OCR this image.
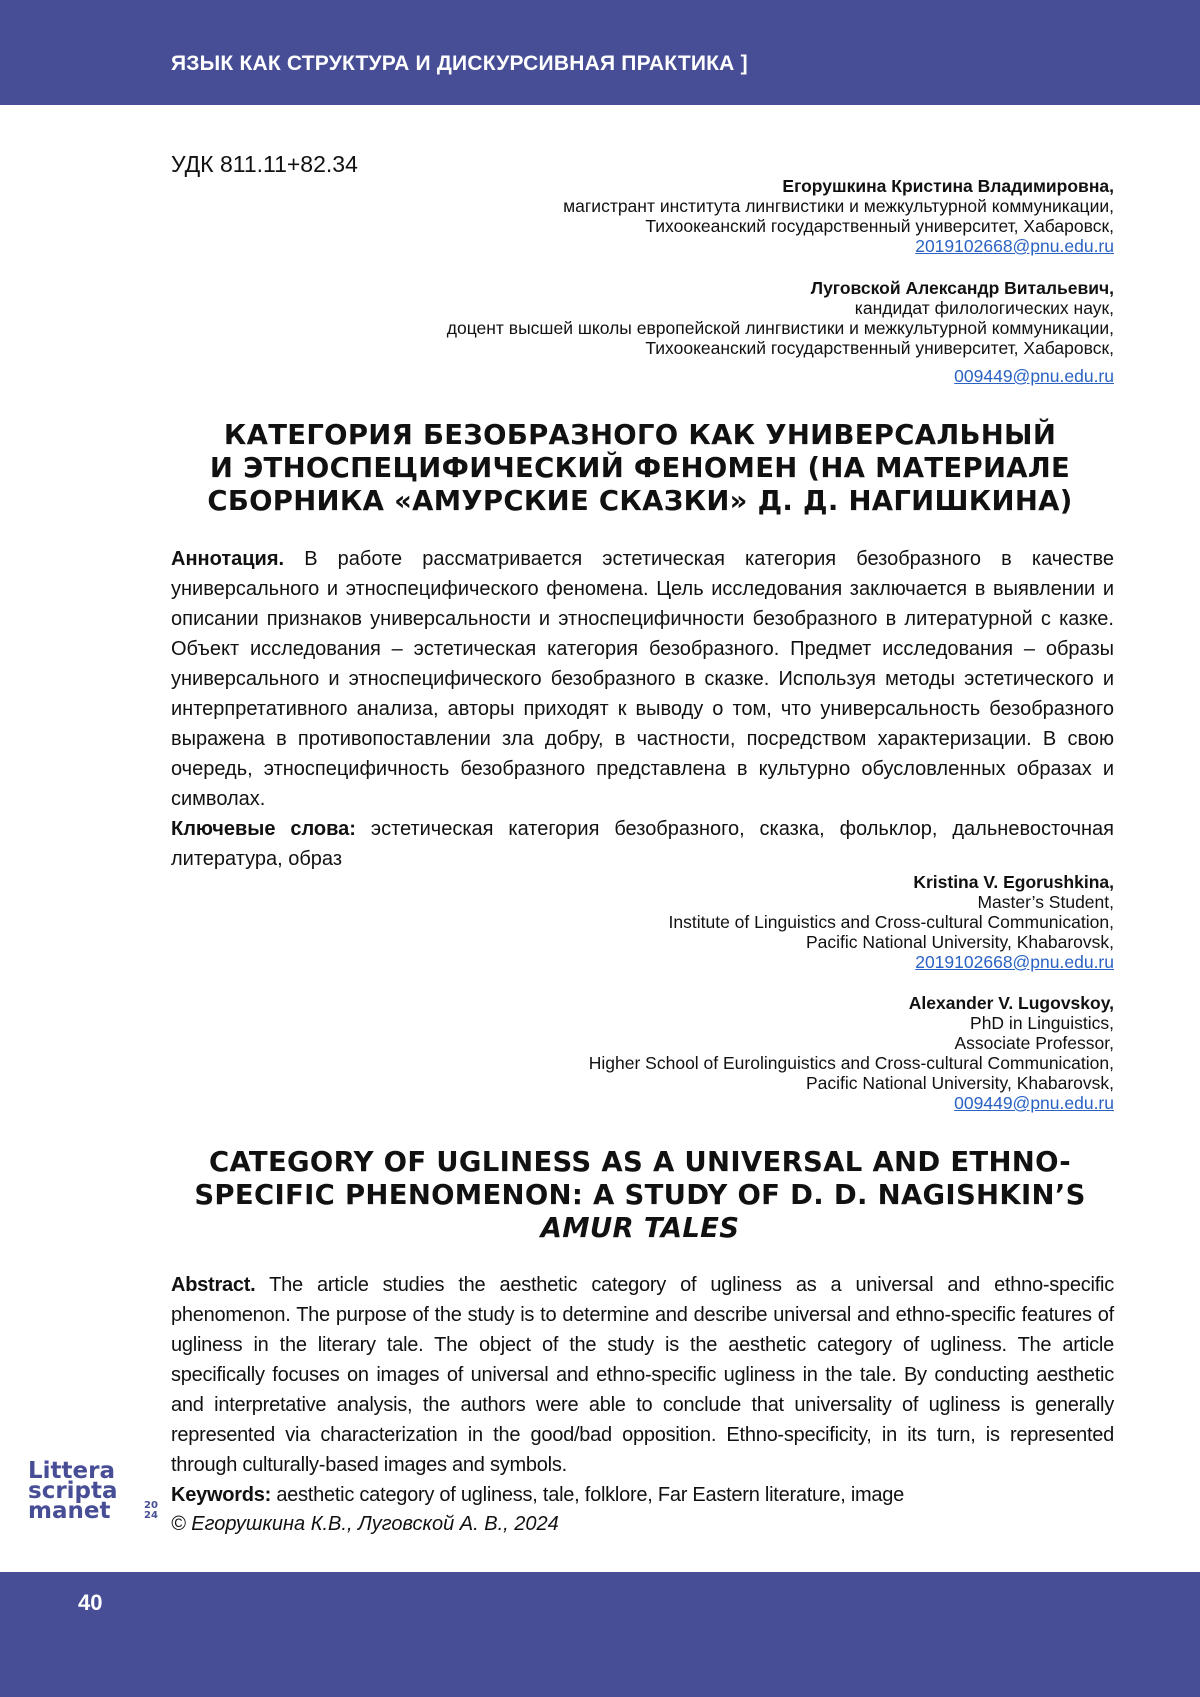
ЯЗЫК КАК СТРУКТУРА И ДИСКУРСИВНАЯ ПРАКТИКА ]
УДК 811.11+82.34
Егорушкина Кристина Владимировна,
магистрант института лингвистики и межкультурной коммуникации,
Тихоокеанский государственный университет, Хабаровск,
2019102668@pnu.edu.ru
Луговской Александр Витальевич,
кандидат филологических наук,
доцент высшей школы европейской лингвистики и межкультурной коммуникации,
Тихоокеанский государственный университет, Хабаровск,
009449@pnu.edu.ru
КАТЕГОРИЯ БЕЗОБРАЗНОГО КАК УНИВЕРСАЛЬНЫЙ
И ЭТНОСПЕЦИФИЧЕСКИЙ ФЕНОМЕН (НА МАТЕРИАЛЕ
СБОРНИКА «АМУРСКИЕ СКАЗКИ» Д. Д. НАГИШКИНА)

Аннотация. В работе рассматривается эстетическая категория безобразного в качестве универсального и этноспецифического феномена. Цель исследования заключается в выявлении и описании признаков универсальности и этноспецифичности безобразного в литературной с казке. Объект исследования – эстетическая категория безобразного. Предмет исследования – образы универсального и этноспецифического безобразного в сказке. Используя методы эстетического и интерпретативного анализа, авторы приходят к выводу о том, что универсальность безобразного выражена в противопоставлении зла добру, в частности, посредством характеризации. В свою очередь, этноспецифичность безобразного представлена в культурно обусловленных образах и символах.

Ключевые слова: эстетическая категория безобразного, сказка, фольклор, дальневосточная литература, образ

Kristina V. Egorushkina,
Master’s Student,
Institute of Linguistics and Cross-cultural Communication,
Pacific National University, Khabarovsk,
2019102668@pnu.edu.ru
Alexander V. Lugovskoy,
PhD in Linguistics,
Associate Professor,
Higher School of Eurolinguistics and Cross-cultural Communication,
Pacific National University, Khabarovsk,
009449@pnu.edu.ru
CATEGORY OF UGLINESS AS A UNIVERSAL AND ETHNO-
SPECIFIC PHENOMENON: A STUDY OF D. D. NAGISHKIN’S
AMUR TALES

Abstract. The article studies the aesthetic category of ugliness as a universal and ethno-specific phenomenon. The purpose of the study is to determine and describe universal and ethno-specific features of ugliness in the literary tale. The object of the study is the aesthetic category of ugliness. The article specifically focuses on images of universal and ethno-specific ugliness in the tale. By conducting aesthetic and interpretative analysis, the authors were able to conclude that universality of ugliness is generally represented via characterization in the good/bad opposition. Ethno-specificity, in its turn, is represented through culturally-based images and symbols.

Keywords: aesthetic category of ugliness, tale, folklore, Far Eastern literature, image

Littera
scripta
manet	20
24 © Егорушкина К.В., Луговской А. В., 2024
40
